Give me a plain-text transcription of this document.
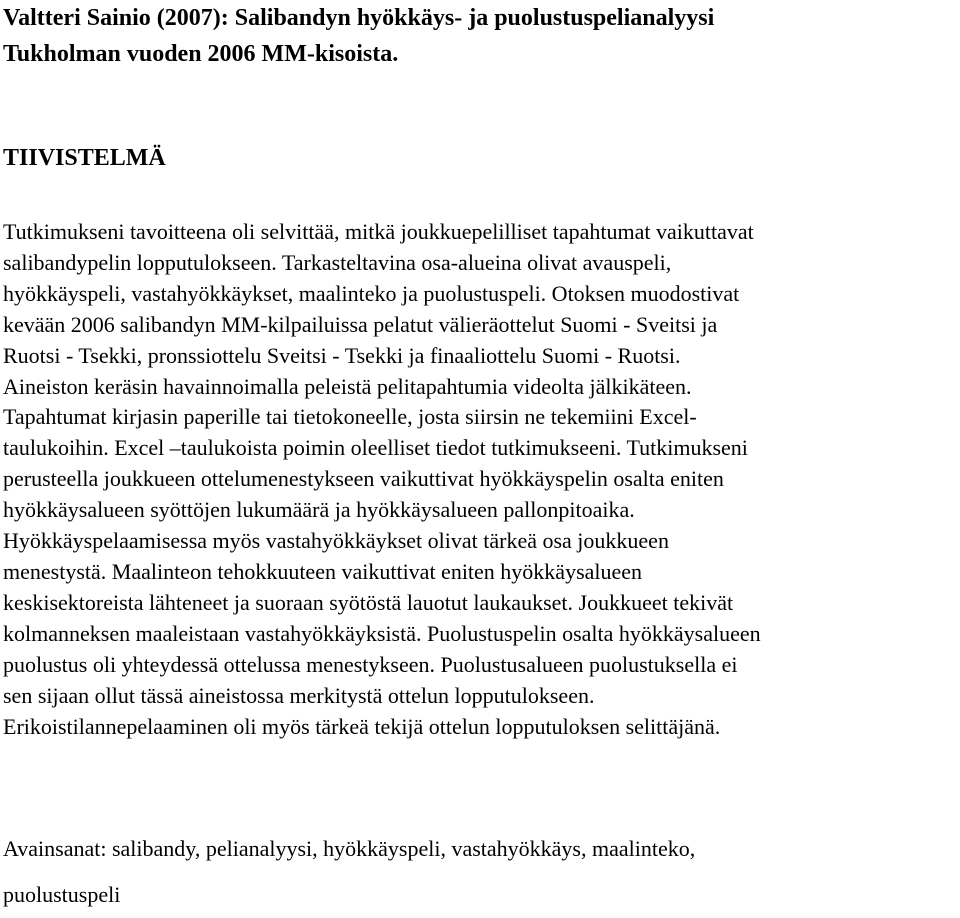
Valtteri Sainio (2007): Salibandyn hyökkäys- ja puolustuspelianalyysi
Tukholman vuoden 2006 MM-kisoista.
TIIVISTELMÄ

Tutkimukseni tavoitteena oli selvittää, mitkä joukkuepelilliset tapahtumat vaikuttavat
salibandypelin lopputulokseen. Tarkasteltavina osa-alueina olivat avauspeli,
hyökkäyspeli, vastahyökkäykset, maalinteko ja puolustuspeli. Otoksen muodostivat
kevään 2006 salibandyn MM-kilpailuissa pelatut välieräottelut Suomi - Sveitsi ja
Ruotsi - Tsekki, pronssiottelu Sveitsi - Tsekki ja finaaliottelu Suomi - Ruotsi.
Aineiston keräsin havainnoimalla peleistä pelitapahtumia videolta jälkikäteen.
Tapahtumat kirjasin paperille tai tietokoneelle, josta siirsin ne tekemiini Excel-
taulukoihin. Excel –taulukoista poimin oleelliset tiedot tutkimukseeni. Tutkimukseni
perusteella joukkueen ottelumenestykseen vaikuttivat hyökkäyspelin osalta eniten
hyökkäysalueen syöttöjen lukumäärä ja hyökkäysalueen pallonpitoaika.
Hyökkäyspelaamisessa myös vastahyökkäykset olivat tärkeä osa joukkueen
menestystä. Maalinteon tehokkuuteen vaikuttivat eniten hyökkäysalueen
keskisektoreista lähteneet ja suoraan syötöstä lauotut laukaukset. Joukkueet tekivät
kolmanneksen maaleistaan vastahyökkäyksistä. Puolustuspelin osalta hyökkäysalueen
puolustus oli yhteydessä ottelussa menestykseen. Puolustusalueen puolustuksella ei
sen sijaan ollut tässä aineistossa merkitystä ottelun lopputulokseen.
Erikoistilannepelaaminen oli myös tärkeä tekijä ottelun lopputuloksen selittäjänä.

Avainsanat: salibandy, pelianalyysi, hyökkäyspeli, vastahyökkäys, maalinteko,
puolustuspeli
